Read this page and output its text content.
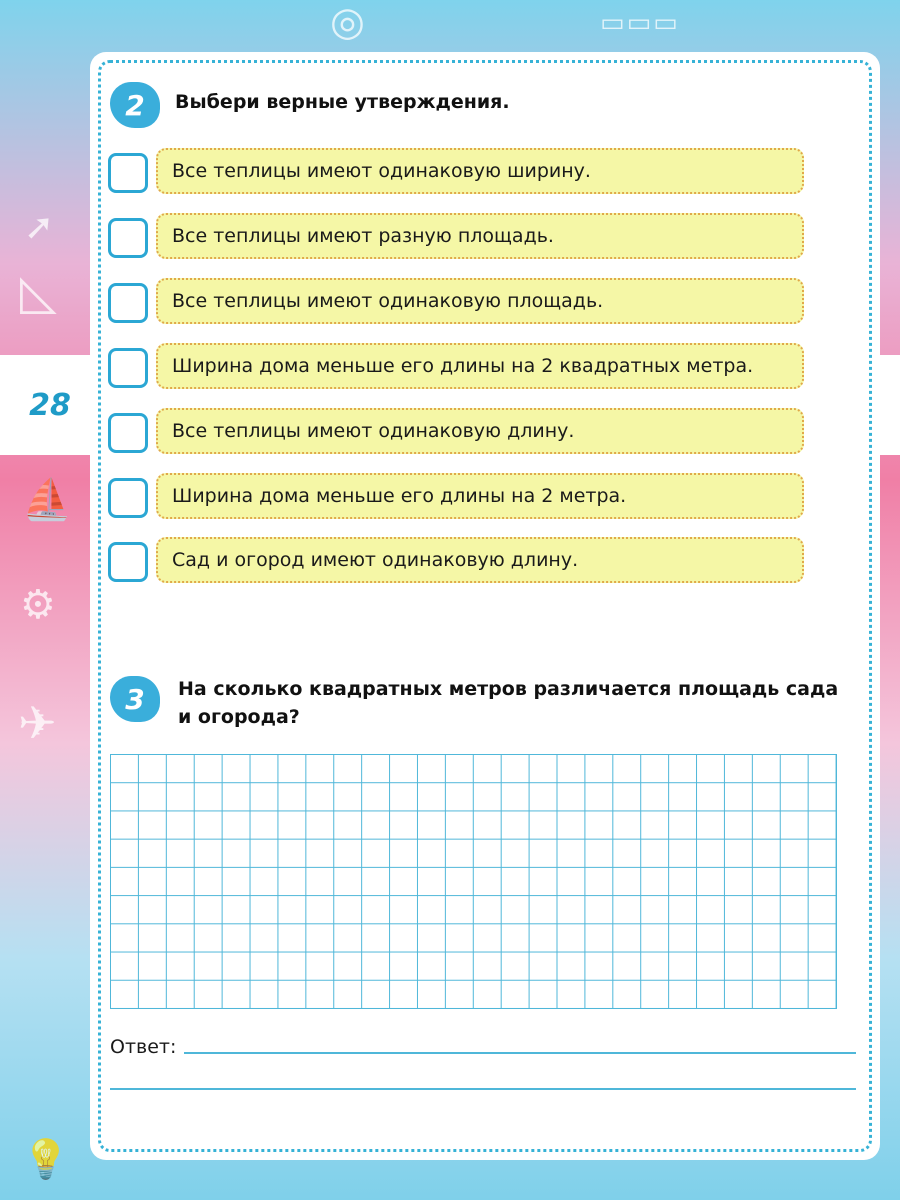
✈
➚
◺
⛵
⚙
💡
◎	▭▭▭
28
2	Выбери верные утверждения.
Все теплицы имеют одинаковую ширину.
Все теплицы имеют разную площадь.
Все теплицы имеют одинаковую площадь.
Ширина дома меньше его длины на 2 квадратных метра.
Все теплицы имеют одинаковую длину.
Ширина дома меньше его длины на 2 метра.
Сад и огород имеют одинаковую длину.
3	На сколько квадратных метров различается площадь сада
и огорода?
Ответ:
